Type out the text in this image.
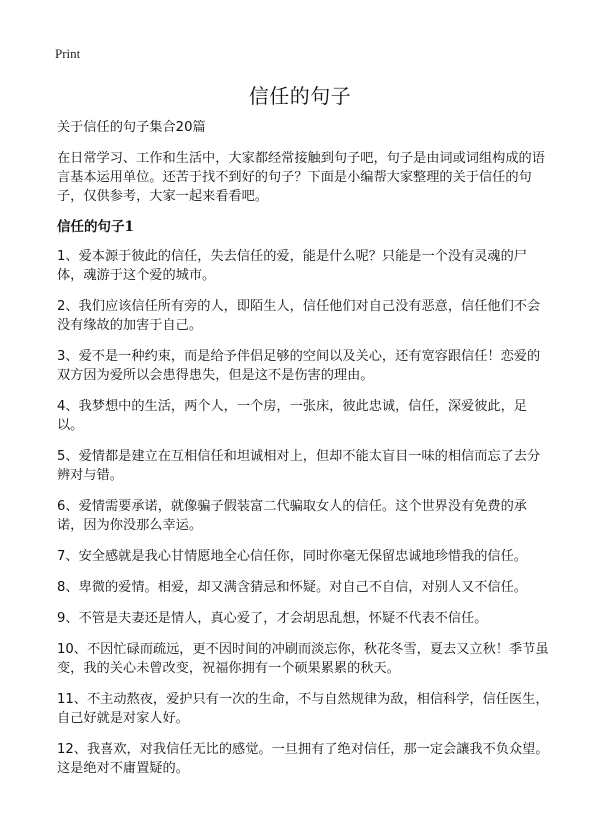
Print
信任的句子

关于信任的句子集合20篇

在日常学习、工作和生活中，大家都经常接触到句子吧，句子是由词或词组构成的语言基本运用单位。还苦于找不到好的句子？下面是小编帮大家整理的关于信任的句子，仅供参考，大家一起来看看吧。

信任的句子1

1、爱本源于彼此的信任，失去信任的爱，能是什么呢？只能是一个没有灵魂的尸体，魂游于这个爱的城市。

2、我们应该信任所有旁的人，即陌生人，信任他们对自己没有恶意，信任他们不会没有缘故的加害于自己。

3、爱不是一种约束，而是给予伴侣足够的空间以及关心，还有宽容跟信任！恋爱的双方因为爱所以会患得患失，但是这不是伤害的理由。

4、我梦想中的生活，两个人，一个房，一张床，彼此忠诚，信任，深爱彼此，足以。

5、爱情都是建立在互相信任和坦诚相对上，但却不能太盲目一味的相信而忘了去分辨对与错。

6、爱情需要承诺，就像骗子假装富二代骗取女人的信任。这个世界没有免费的承诺，因为你没那么幸运。

7、安全感就是我心甘情愿地全心信任你，同时你毫无保留忠诚地珍惜我的信任。

8、卑微的爱情。相爱，却又满含猜忌和怀疑。对自己不自信，对别人又不信任。

9、不管是夫妻还是情人，真心爱了，才会胡思乱想，怀疑不代表不信任。

10、不因忙碌而疏远，更不因时间的冲刷而淡忘你，秋花冬雪，夏去又立秋！季节虽变，我的关心未曾改变，祝福你拥有一个硕果累累的秋天。

11、不主动熬夜，爱护只有一次的生命，不与自然规律为敌，相信科学，信任医生，自己好就是对家人好。

12、我喜欢，对我信任无比的感觉。一旦拥有了绝对信任，那一定会讓我不负众望。这是绝对不庸置疑的。
